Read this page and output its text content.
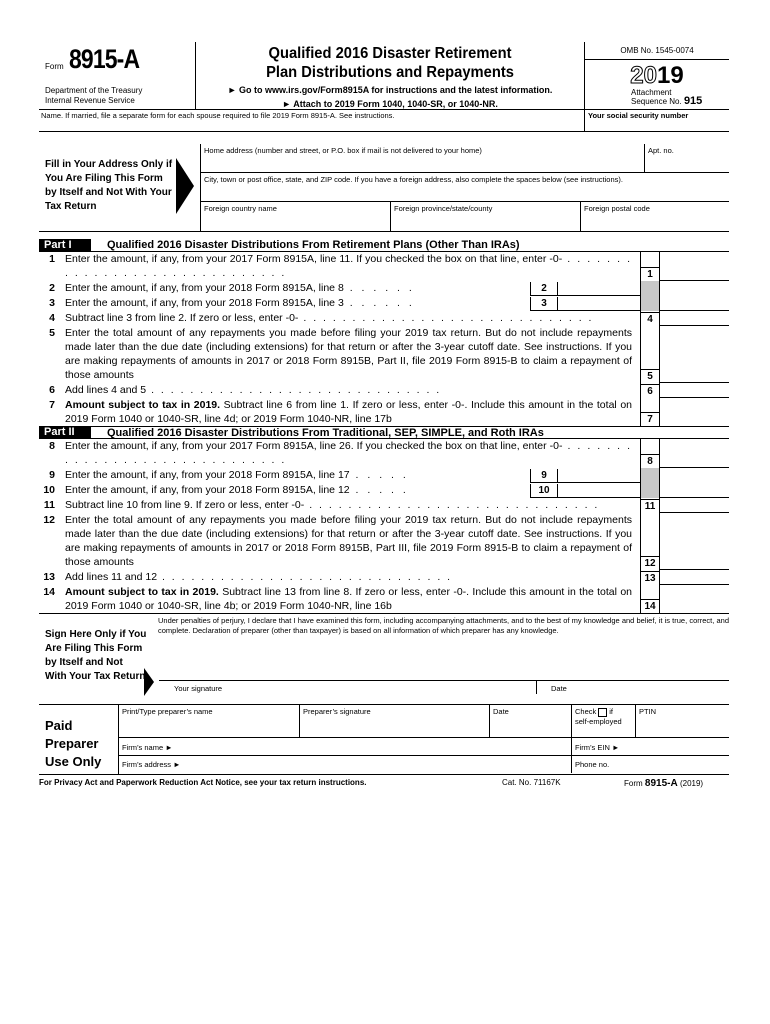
Form 8915-A
Department of the Treasury
Internal Revenue Service
Qualified 2016 Disaster Retirement
Plan Distributions and Repayments
► Go to www.irs.gov/Form8915A for instructions and the latest information.
► Attach to 2019 Form 1040, 1040-SR, or 1040-NR.
OMB No. 1545-0074
2019
Attachment
Sequence No. 915
Name. If married, file a separate form for each spouse required to file 2019 Form 8915-A. See instructions.	Your social security number
Fill in Your Address Only if You Are Filing This Form by Itself and Not With Your Tax Return
Home address (number and street, or P.O. box if mail is not delivered to your home)	Apt. no.
City, town or post office, state, and ZIP code. If you have a foreign address, also complete the spaces below (see instructions).
Foreign country name	Foreign province/state/county	Foreign postal code
Part I	Qualified 2016 Disaster Distributions From Retirement Plans (Other Than IRAs)
1 Enter the amount, if any, from your 2017 Form 8915A, line 11. If you checked the box on that line, enter -0- . . .
1
2 Enter the amount, if any, from your 2018 Form 8915A, line 8 . . . . . .	2
3 Enter the amount, if any, from your 2018 Form 8915A, line 3 . . . . . .	3
4 Subtract line 3 from line 2. If zero or less, enter -0- . . .	4
5 Enter the total amount of any repayments you made before filing your 2019 tax return. But do not include repayments made later than the due date (including extensions) for that return or after the 3-year cutoff date. See instructions. If you are making repayments of amounts in 2017 or 2018 Form 8915B, Part II, file 2019 Form 8915-B to claim a repayment of those amounts	5
6 Add lines 4 and 5 . . .	6
7 Amount subject to tax in 2019. Subtract line 6 from line 1. If zero or less, enter -0-. Include this amount in the total on 2019 Form 1040 or 1040-SR, line 4d; or 2019 Form 1040-NR, line 17b	7
Part II	Qualified 2016 Disaster Distributions From Traditional, SEP, SIMPLE, and Roth IRAs
8 Enter the amount, if any, from your 2017 Form 8915A, line 26. If you checked the box on that line, enter -0- . . .
8
9 Enter the amount, if any, from your 2018 Form 8915A, line 17 . . . . .	9
10 Enter the amount, if any, from your 2018 Form 8915A, line 12 . . . . .	10
11 Subtract line 10 from line 9. If zero or less, enter -0- . . .	11
12 Enter the total amount of any repayments you made before filing your 2019 tax return. But do not include repayments made later than the due date (including extensions) for that return or after the 3-year cutoff date. See instructions. If you are making repayments of amounts in 2017 or 2018 Form 8915B, Part III, file 2019 Form 8915-B to claim a repayment of those amounts	12
13 Add lines 11 and 12 . . .	13
14 Amount subject to tax in 2019. Subtract line 13 from line 8. If zero or less, enter -0-. Include this amount in the total on 2019 Form 1040 or 1040-SR, line 4b; or 2019 Form 1040-NR, line 16b	14
Sign Here Only if You Are Filing This Form by Itself and Not With Your Tax Return
Under penalties of perjury, I declare that I have examined this form, including accompanying attachments, and to the best of my knowledge and belief, it is true, correct, and complete. Declaration of preparer (other than taxpayer) is based on all information of which preparer has any knowledge.
Your signature	Date
Paid Preparer Use Only
Print/Type preparer’s name	Preparer’s signature	Date	Check if
self-employed
PTIN
Firm’s name ►	Firm’s EIN ►
Firm’s address ►	Phone no.
For Privacy Act and Paperwork Reduction Act Notice, see your tax return instructions.	Cat. No. 71167K	Form 8915-A (2019)
